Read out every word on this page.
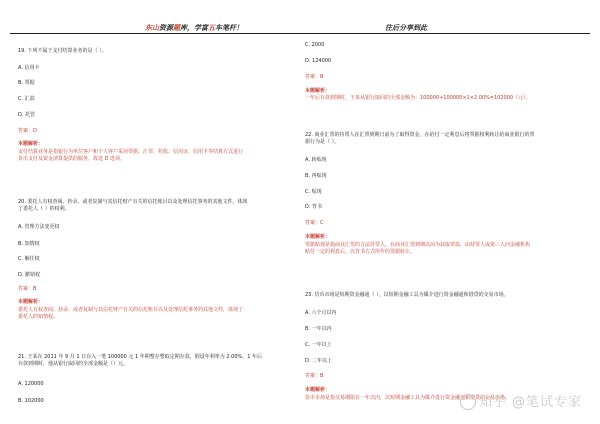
东山资源题库，学富五车笔杆！	往后分享到此
19. 下列不属于支付结算业务的是（ ）。
A. 信用卡
B. 票据
C. 汇款
D. 托管
答案：D
本题解析：
支付结算业务是指银行为单位客户和个人客户采用票据、汇票、托收、信用证、信用卡等结算方式进行
货币支付及资金清算提供的服务。故选 D 选项。
20. 委托人有权查阅、抄录、或者复制与其信托财产有关的信托账目以及处理信托事务的其他文件，体现
了委托人（ ）的权利。
A. 管理方法变更权
B. 知情权
C. 解任权
D. 撤销权
答案：B
本题解析：
委托人有权查阅、抄录、或者复制与其信托财产有关的信托账目以及处理信托事务的其他文件，体现了
委托人的知情权。
21. 王某在 2011 年 9 月 1 日存入一笔 100000 元 1 年期整存整取定期存款，假设年利率为 2.00%，1 年后
存款到期时，他从银行取回的全部金额是（）元。
A. 120000
B. 102000
C. 2000
D. 124000
答案：B
本题解析：
一年后存款到期时，王某从银行取回的全部金额为：100000+100000×1×2.00%=102000（元）。
22. 商业汇票的持票人在汇票到期日前为了取得资金，在给付一定利息后将票据权利转让给商业银行的票
据行为是（ ）。
A. 转贴现
B. 再贴现
C. 贴现
D. 背书
答案：C
本题解析：
票据贴现是指商业汇票的合法持票人，在商业汇票到期以前为获取票款，由持票人或第三人向金融机构
贴付一定的利息后，以背书方式所作的票据转让。
23. 货币市场是短期资金融通（ ），以短期金融工具为媒介进行资金融通和借贷的交易市场。
A. 六个月以内
B. 一年以内
C. 一年以上
D. 二年以上
答案：B
本题解析：
货币市场是指交易期限在一年以内，以短期金融工具为媒介进行资金融通和借贷的交易市场。
知乎 @笔试专家
